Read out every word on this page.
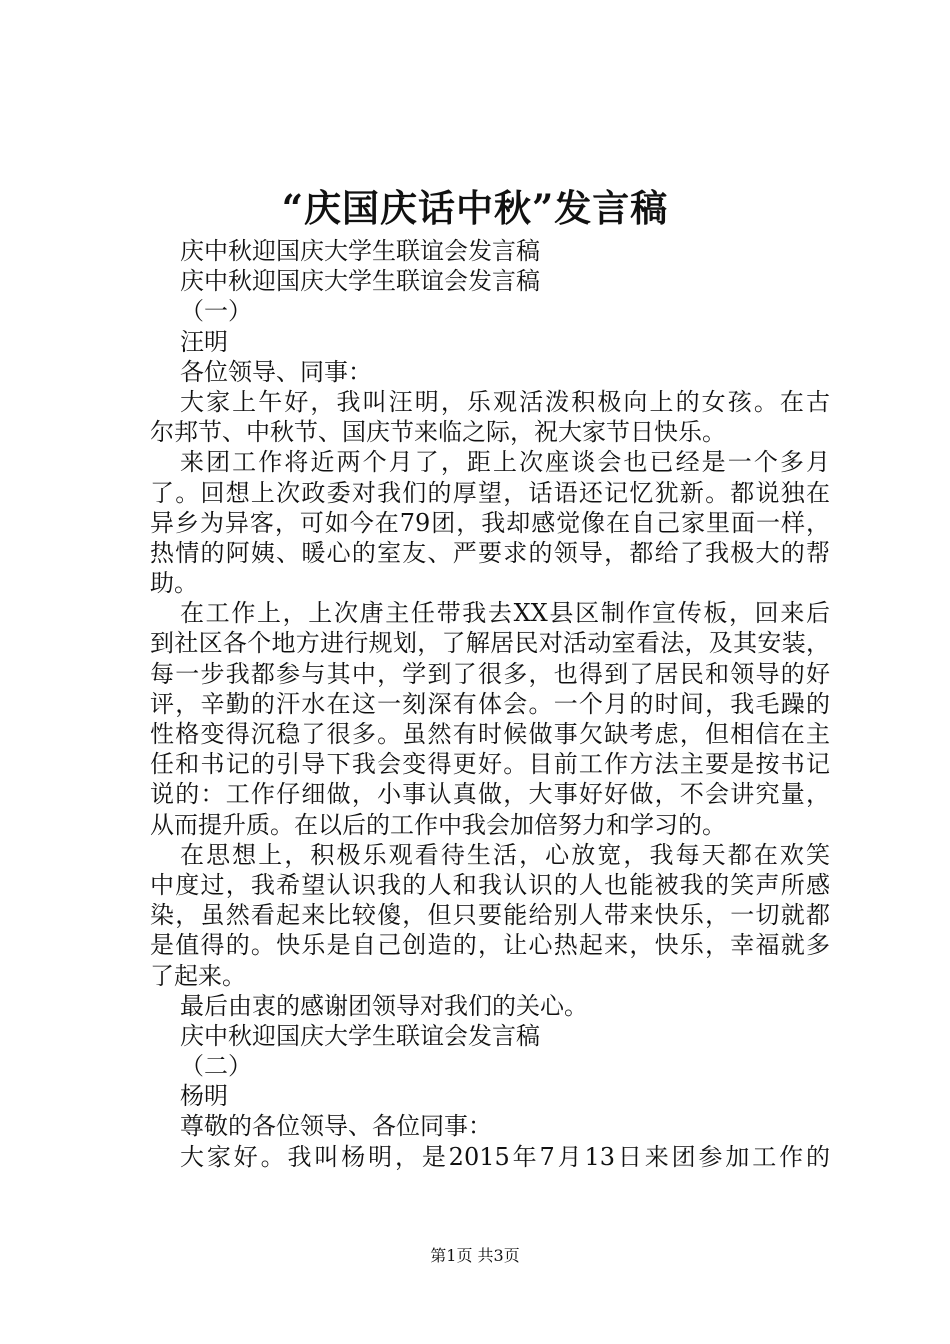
“庆国庆话中秋”发言稿
庆中秋迎国庆大学生联谊会发言稿
庆中秋迎国庆大学生联谊会发言稿
（一）
汪明
各位领导、同事：
大家上午好，我叫汪明，乐观活泼积极向上的女孩。在古
尔邦节、中秋节、国庆节来临之际，祝大家节日快乐。
来团工作将近两个月了，距上次座谈会也已经是一个多月
了。回想上次政委对我们的厚望，话语还记忆犹新。都说独在
异乡为异客，可如今在79团，我却感觉像在自己家里面一样，
热情的阿姨、暖心的室友、严要求的领导，都给了我极大的帮
助。
在工作上，上次唐主任带我去XX县区制作宣传板，回来后
到社区各个地方进行规划，了解居民对活动室看法，及其安装，
每一步我都参与其中，学到了很多，也得到了居民和领导的好
评，辛勤的汗水在这一刻深有体会。一个月的时间，我毛躁的
性格变得沉稳了很多。虽然有时候做事欠缺考虑，但相信在主
任和书记的引导下我会变得更好。目前工作方法主要是按书记
说的：工作仔细做，小事认真做，大事好好做，不会讲究量，
从而提升质。在以后的工作中我会加倍努力和学习的。
在思想上，积极乐观看待生活，心放宽，我每天都在欢笑
中度过，我希望认识我的人和我认识的人也能被我的笑声所感
染，虽然看起来比较傻，但只要能给别人带来快乐，一切就都
是值得的。快乐是自己创造的，让心热起来，快乐，幸福就多
了起来。
最后由衷的感谢团领导对我们的关心。
庆中秋迎国庆大学生联谊会发言稿
（二）
杨明
尊敬的各位领导、各位同事：
大家好。我叫杨明，是2015年7月13日来团参加工作的
第1页 共3页
